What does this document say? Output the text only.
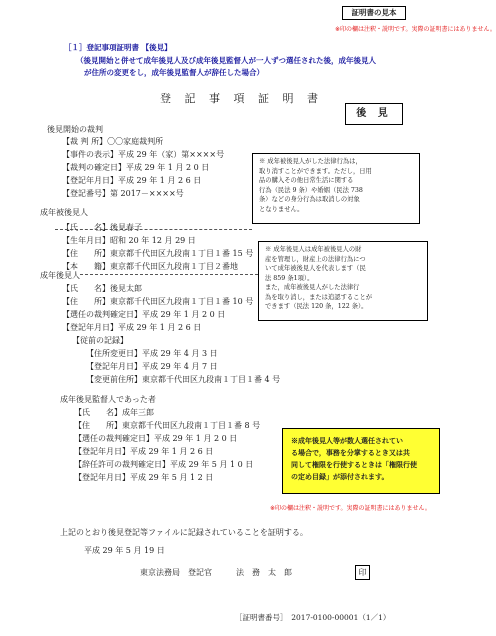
証明書の見本
※印の欄は注釈・説明です。実際の証明書にはありません。
［１］登記事項証明書 【後見】
（後見開始と併せて成年後見人及び成年後見監督人が一人ずつ選任された後，成年後見人
が住所の変更をし，成年後見監督人が辞任した場合）
登 記 事 項 証 明 書
後 見
後見開始の裁判
【裁 判 所】〇〇家庭裁判所
【事件の表示】平成 29 年（家）第××××号
【裁判の確定日】平成 29 年 1 月 2 0 日
【登記年月日】平成 29 年 1 月 2 6 日
【登記番号】第 2017－××××号
※ 成年被後見人がした法律行為は，
取り消すことができます。ただし，日用
品の購入その他日常生活に関する
行為（民法 9 条）や婚姻（民法 738
条）などの身分行為は取消しの対象
となりません。
成年被後見人
【氏　　名】後見春子
【生年月日】昭和 20 年 12 月 29 日
【住　　所】東京都千代田区九段南１丁目１番 15 号
【本　　籍】東京都千代田区九段南１丁目２番地
※ 成年後見人は成年被後見人の財
産を管理し，財産上の法律行為につ
いて成年被後見人を代表します（民
法 859 条1項）。
また，成年被後見人がした法律行
為を取り消し，または追認することが
できます（民法 120 条，122 条）。
成年後見人
【氏　　名】後見太郎
【住　　所】東京都千代田区九段南１丁目１番 10 号
【選任の裁判確定日】平成 29 年 1 月 2 0 日
【登記年月日】平成 29 年 1 月 2 6 日
【従前の記録】
【住所変更日】平成 29 年 4 月 3 日
【登記年月日】平成 29 年 4 月 7 日
【変更前住所】東京都千代田区九段南１丁目１番 4 号
成年後見監督人であった者
【氏　　名】成年三郎
【住　　所】東京都千代田区九段南１丁目１番 8 号
【選任の裁判確定日】平成 29 年 1 月 2 0 日
【登記年月日】平成 29 年 1 月 2 6 日
【辞任許可の裁判確定日】平成 29 年 5 月 1 0 日
【登記年月日】平成 29 年 5 月 1 2 日
※成年後見人等が数人選任されてい
る場合で，事務を分掌するとき又は共
同して権限を行使するときは「権限行使
の定め目録」が添付されます。
※印の欄は注釈・説明です。実際の証明書にはありません。
上記のとおり後見登記等ファイルに記録されていることを証明する。
平成 29 年 5 月 19 日
東京法務局　登記官　　　法　務　太　郎	印
［証明書番号］　2017-0100-00001（1／1）
